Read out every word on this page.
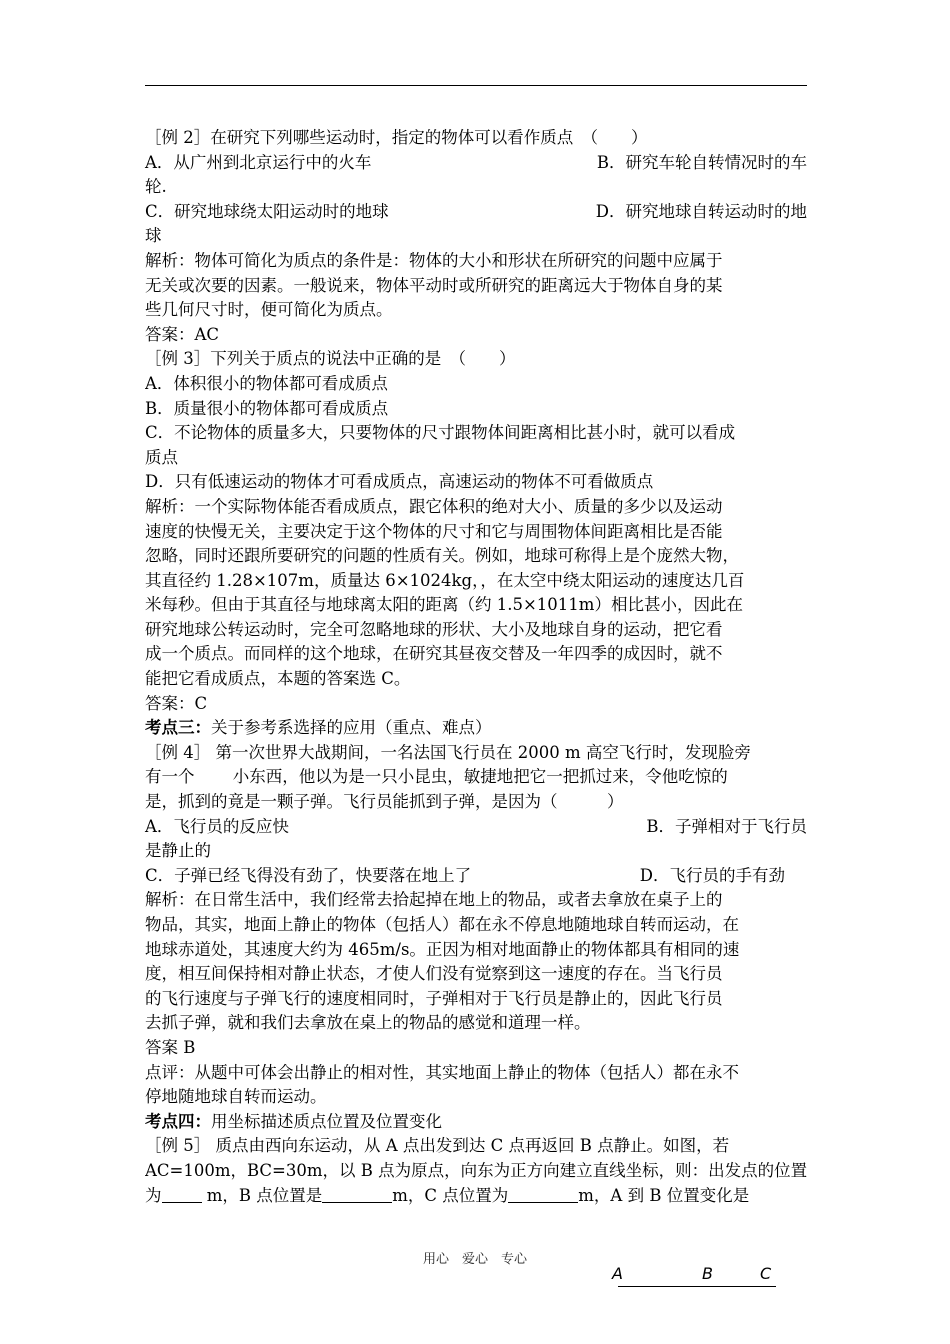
［例 2］在研究下列哪些运动时，指定的物体可以看作质点　（　　）
A．从广州到北京运行中的火车	B．研究车轮自转情况时的车
轮.
C．研究地球绕太阳运动时的地球	D．研究地球自转运动时的地
球
解析：物体可简化为质点的条件是：物体的大小和形状在所研究的问题中应属于
无关或次要的因素。一般说来，物体平动时或所研究的距离远大于物体自身的某
些几何尺寸时，便可简化为质点。
答案：AC
［例 3］下列关于质点的说法中正确的是　（　　）
A．体积很小的物体都可看成质点
B．质量很小的物体都可看成质点
C．不论物体的质量多大，只要物体的尺寸跟物体间距离相比甚小时，就可以看成
质点
D．只有低速运动的物体才可看成质点，高速运动的物体不可看做质点
解析：一个实际物体能否看成质点，跟它体积的绝对大小、质量的多少以及运动
速度的快慢无关，主要决定于这个物体的尺寸和它与周围物体间距离相比是否能
忽略，同时还跟所要研究的问题的性质有关。例如，地球可称得上是个庞然大物，
其直径约 1.28×107m，质量达 6×1024kg，，在太空中绕太阳运动的速度达几百
米每秒。但由于其直径与地球离太阳的距离（约 1.5×1011m）相比甚小，因此在
研究地球公转运动时，完全可忽略地球的形状、大小及地球自身的运动，把它看
成一个质点。而同样的这个地球，在研究其昼夜交替及一年四季的成因时，就不
能把它看成质点，本题的答案选 C。
答案：C
考点三：关于参考系选择的应用（重点、难点）
［例 4］ 第一次世界大战期间，一名法国飞行员在 2000 m 高空飞行时，发现脸旁
有一个　　 小东西，他以为是一只小昆虫，敏捷地把它一把抓过来，令他吃惊的
是，抓到的竟是一颗子弹。飞行员能抓到子弹，是因为（　　　）
A．飞行员的反应快	B．子弹相对于飞行员
是静止的
C．子弹已经飞得没有劲了，快要落在地上了	D．飞行员的手有劲
解析：在日常生活中，我们经常去拾起掉在地上的物品，或者去拿放在桌子上的
物品，其实，地面上静止的物体（包括人）都在永不停息地随地球自转而运动，在
地球赤道处，其速度大约为 465m/s。正因为相对地面静止的物体都具有相同的速
度，相互间保持相对静止状态，才使人们没有觉察到这一速度的存在。当飞行员
的飞行速度与子弹飞行的速度相同时，子弹相对于飞行员是静止的，因此飞行员
去抓子弹，就和我们去拿放在桌上的物品的感觉和道理一样。
答案 B
点评：从题中可体会出静止的相对性，其实地面上静止的物体（包括人）都在永不
停地随地球自转而运动。
考点四：用坐标描述质点位置及位置变化
［例 5］ 质点由西向东运动，从 A 点出发到达 C 点再返回 B 点静止。如图，若
AC=100m，BC=30m，以 B 点为原点，向东为正方向建立直线坐标，则：出发点的位置
为 m，B 点位置是	m，C 点位置为	m，A 到 B 位置变化是
用心　爱心　专心
A	B	C
